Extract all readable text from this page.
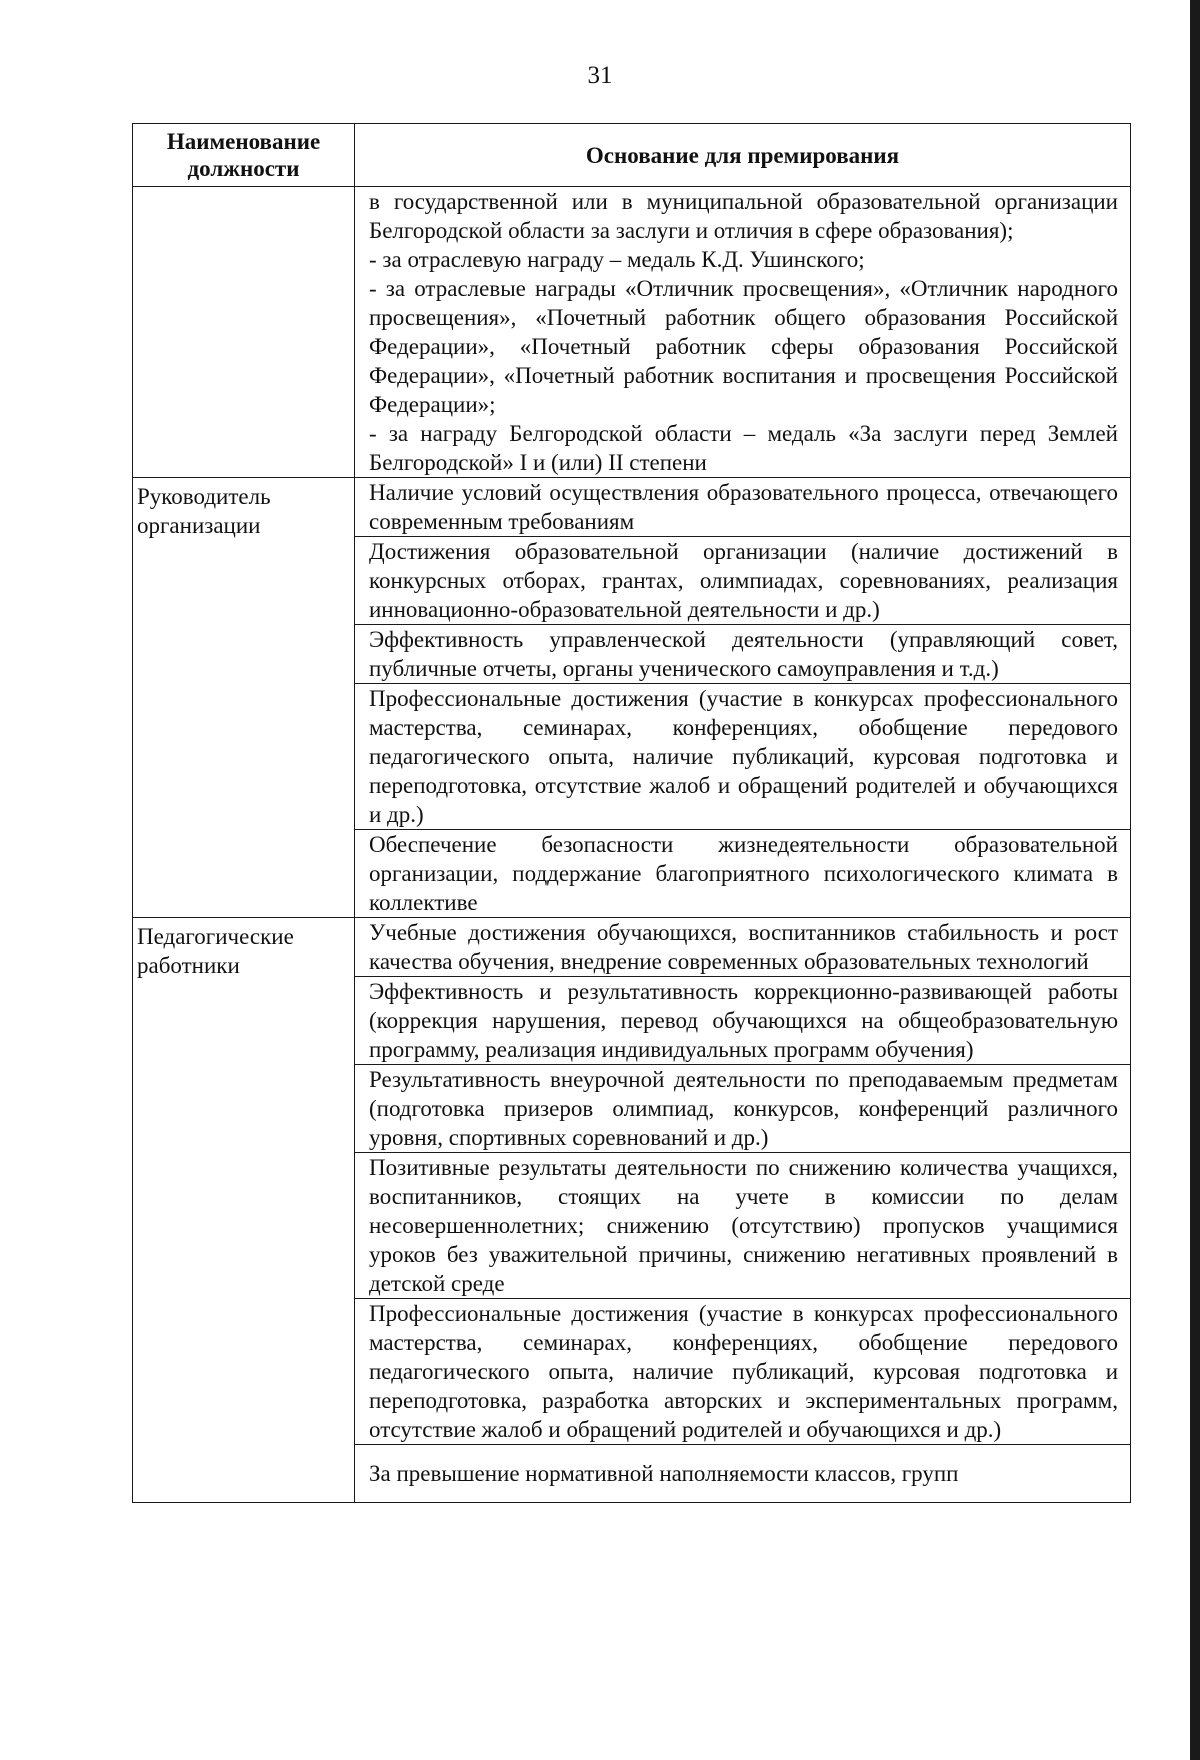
31
Наименование должности	Основание для премирования

	в государственной или в муниципальной образовательной организации Белгородской области за заслуги и отличия в сфере образования);
- за отраслевую награду – медаль К.Д. Ушинского;
- за отраслевые награды «Отличник просвещения», «Отличник народного просвещения», «Почетный работник общего образования Российской Федерации», «Почетный работник сферы образования Российской Федерации», «Почетный работник воспитания и просвещения Российской Федерации»;
- за награду Белгородской области – медаль «За заслуги перед Землей Белгородской» I и (или) II степени

Руководитель организации	Наличие условий осуществления образовательного процесса, отвечающего современным требованиям
	Достижения образовательной организации (наличие достижений в конкурсных отборах, грантах, олимпиадах, соревнованиях, реализация инновационно-образовательной деятельности и др.)
	Эффективность управленческой деятельности (управляющий совет, публичные отчеты, органы ученического самоуправления и т.д.)
	Профессиональные достижения (участие в конкурсах профессионального мастерства, семинарах, конференциях, обобщение передового педагогического опыта, наличие публикаций, курсовая подготовка и переподготовка, отсутствие жалоб и обращений родителей и обучающихся и др.)
	Обеспечение безопасности жизнедеятельности образовательной организации, поддержание благоприятного психологического климата в коллективе
Педагогические работники	Учебные достижения обучающихся, воспитанников стабильность и рост качества обучения, внедрение современных образовательных технологий
	Эффективность и результативность коррекционно-развивающей работы (коррекция нарушения, перевод обучающихся на общеобразовательную программу, реализация индивидуальных программ обучения)
	Результативность внеурочной деятельности по преподаваемым предметам (подготовка призеров олимпиад, конкурсов, конференций различного уровня, спортивных соревнований и др.)
	Позитивные результаты деятельности по снижению количества учащихся, воспитанников, стоящих на учете в комиссии по делам несовершеннолетних; снижению (отсутствию) пропусков учащимися уроков без уважительной причины, снижению негативных проявлений в детской среде
	Профессиональные достижения (участие в конкурсах профессионального мастерства, семинарах, конференциях, обобщение передового педагогического опыта, наличие публикаций, курсовая подготовка и переподготовка, разработка авторских и экспериментальных программ, отсутствие жалоб и обращений родителей и обучающихся и др.)
	За превышение нормативной наполняемости классов, групп
